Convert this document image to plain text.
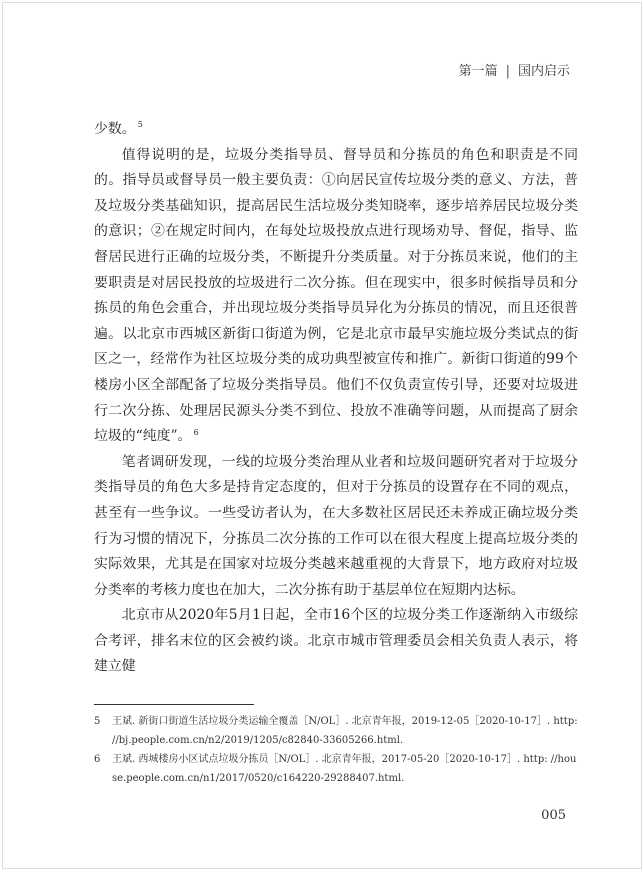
第一篇 | 国内启示

少数。 $^5$

值得说明的是，垃圾分类指导员、督导员和分拣员的角色和职责是不同的。指导员或督导员一般主要负责：①向居民宣传垃圾分类的意义、方法，普及垃圾分类基础知识，提高居民生活垃圾分类知晓率，逐步培养居民垃圾分类的意识；②在规定时间内，在每处垃圾投放点进行现场劝导、督促，指导、监督居民进行正确的垃圾分类，不断提升分类质量。对于分拣员来说，他们的主要职责是对居民投放的垃圾进行二次分拣。但在现实中，很多时候指导员和分拣员的角色会重合，并出现垃圾分类指导员异化为分拣员的情况，而且还很普遍。以北京市西城区新街口街道为例，它是北京市最早实施垃圾分类试点的街区之一，经常作为社区垃圾分类的成功典型被宣传和推广。新街口街道的99个楼房小区全部配备了垃圾分类指导员。他们不仅负责宣传引导，还要对垃圾进行二次分拣、处理居民源头分类不到位、投放不准确等问题，从而提高了厨余垃圾的“纯度”。 $^6$

笔者调研发现，一线的垃圾分类治理从业者和垃圾问题研究者对于垃圾分类指导员的角色大多是持肯定态度的，但对于分拣员的设置存在不同的观点，甚至有一些争议。一些受访者认为，在大多数社区居民还未养成正确垃圾分类行为习惯的情况下，分拣员二次分拣的工作可以在很大程度上提高垃圾分类的实际效果，尤其是在国家对垃圾分类越来越重视的大背景下，地方政府对垃圾分类率的考核力度也在加大，二次分拣有助于基层单位在短期内达标。

北京市从2020年5月1日起，全市16个区的垃圾分类工作逐渐纳入市级综合考评，排名末位的区会被约谈。北京市城市管理委员会相关负责人表示，将建立健

5	王斌. 新街口街道生活垃圾分类运输全覆盖［N/OL］. 北京青年报，2019-12-05［2020-10-17］. http: //bj.people.com.cn/n2/2019/1205/c82840-33605266.html.
6	王斌. 西城楼房小区试点垃圾分拣员［N/OL］. 北京青年报，2017-05-20［2020-10-17］. http: //house.people.com.cn/n1/2017/0520/c164220-29288407.html.
005
